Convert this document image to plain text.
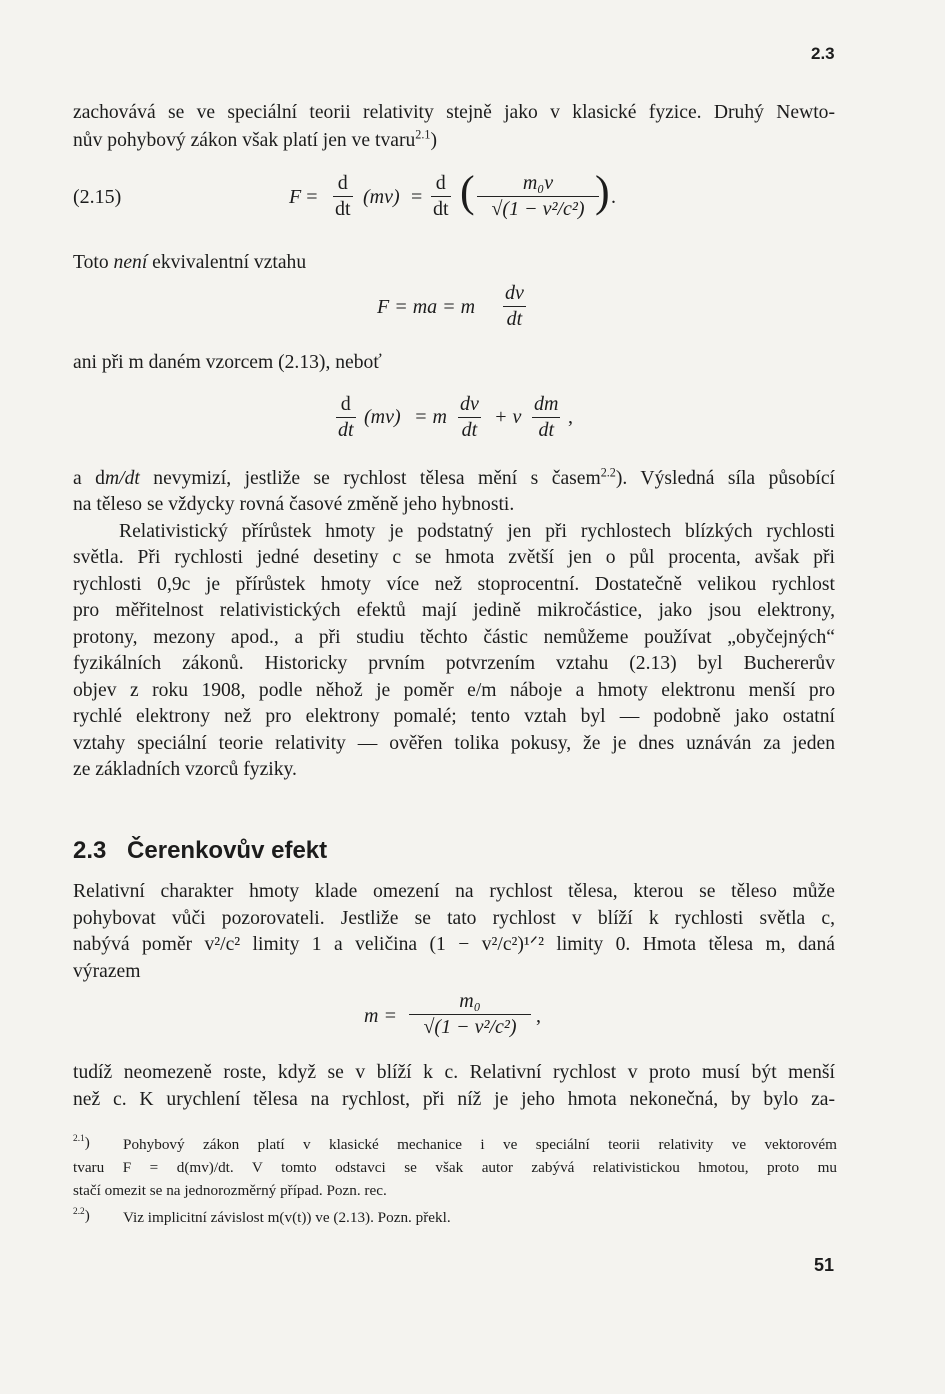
2.3
zachovává se ve speciální teorii relativity stejně jako v klasické fyzice. Druhý Newto-
nův pohybový zákon však platí jen ve tvaru$^{2.1}$)
(2.15)	$F = \frac{d}{dt} (mv) = \frac{d}{dt}$ ( $\frac{\text{m₀v}}{\text{√(1 − v²/c²)}}$
) .
Toto není ekvivalentní vztahu
F = ma = m $\frac{dv}{dt}$
ani při m daném vzorcem (2.13), neboť
$\frac{d}{dt} (mv) = m \frac{dv}{dt} + v \frac{dm}{dt}$ ,
a dm/dt nevymizí, jestliže se rychlost tělesa mění s časem$^{2.2}$). Výsledná síla působící
na těleso se vždycky rovná časové změně jeho hybnosti.
Relativistický přírůstek hmoty je podstatný jen při rychlostech blízkých rychlosti
světla. Při rychlosti jedné desetiny c se hmota zvětší jen o půl procenta, avšak při
rychlosti 0,9c je přírůstek hmoty více než stoprocentní. Dostatečně velikou rychlost
pro měřitelnost relativistických efektů mají jedině mikročástice, jako jsou elektrony,
protony, mezony apod., a při studiu těchto částic nemůžeme používat „obyčejných“
fyzikálních zákonů. Historicky prvním potvrzením vztahu (2.13) byl Buchererův
objev z roku 1908, podle něhož je poměr e/m náboje a hmoty elektronu menší pro
rychlé elektrony než pro elektrony pomalé; tento vztah byl — podobně jako ostatní
vztahy speciální teorie relativity — ověřen tolika pokusy, že je dnes uznáván za jeden
ze základních vzorců fyziky.
2.3 Čerenkovův efekt
Relativní charakter hmoty klade omezení na rychlost tělesa, kterou se těleso může
pohybovat vůči pozorovateli. Jestliže se tato rychlost v blíží k rychlosti světla c,
nabývá poměr v²/c² limity 1 a veličina (1 − v²/c²)¹ᐟ² limity 0. Hmota tělesa m, daná
výrazem
$m = \frac{\text{m₀}}{\text{√(1 − v²/c²)}}$ ,
tudíž neomezeně roste, když se v blíží k c. Relativní rychlost v proto musí být menší
než c. K urychlení tělesa na rychlost, při níž je jeho hmota nekonečná, by bylo za-
$^{2.1}$) Pohybový zákon platí v klasické mechanice i ve speciální teorii relativity ve vektorovém
tvaru F = d(mv)/dt. V tomto odstavci se však autor zabývá relativistickou hmotou, proto mu
stačí omezit se na jednorozměrný případ. Pozn. rec.
$^{2.2}$) Viz implicitní závislost m(v(t)) ve (2.13). Pozn. překl.
51
